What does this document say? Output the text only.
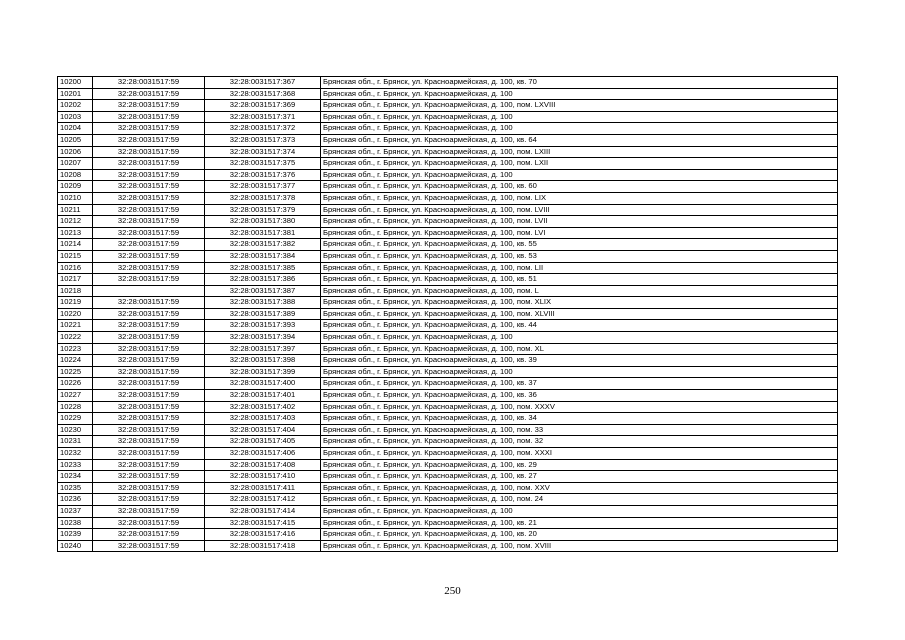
10200	32:28:0031517:59	32:28:0031517:367	Брянская обл., г. Брянск, ул. Красноармейская, д. 100, кв. 70
10201	32:28:0031517:59	32:28:0031517:368	Брянская обл., г. Брянск, ул. Красноармейская, д. 100
10202	32:28:0031517:59	32:28:0031517:369	Брянская обл., г. Брянск, ул. Красноармейская, д. 100, пом. LXVIII
10203	32:28:0031517:59	32:28:0031517:371	Брянская обл., г. Брянск, ул. Красноармейская, д. 100
10204	32:28:0031517:59	32:28:0031517:372	Брянская обл., г. Брянск, ул. Красноармейская, д. 100
10205	32:28:0031517:59	32:28:0031517:373	Брянская обл., г. Брянск, ул. Красноармейская, д. 100, кв. 64
10206	32:28:0031517:59	32:28:0031517:374	Брянская обл., г. Брянск, ул. Красноармейская, д. 100, пом. LXIII
10207	32:28:0031517:59	32:28:0031517:375	Брянская обл., г. Брянск, ул. Красноармейская, д. 100, пом. LXII
10208	32:28:0031517:59	32:28:0031517:376	Брянская обл., г. Брянск, ул. Красноармейская, д. 100
10209	32:28:0031517:59	32:28:0031517:377	Брянская обл., г. Брянск, ул. Красноармейская, д. 100, кв. 60
10210	32:28:0031517:59	32:28:0031517:378	Брянская обл., г. Брянск, ул. Красноармейская, д. 100, пом. LIX
10211	32:28:0031517:59	32:28:0031517:379	Брянская обл., г. Брянск, ул. Красноармейская, д. 100, пом. LVIII
10212	32:28:0031517:59	32:28:0031517:380	Брянская обл., г. Брянск, ул. Красноармейская, д. 100, пом. LVII
10213	32:28:0031517:59	32:28:0031517:381	Брянская обл., г. Брянск, ул. Красноармейская, д. 100, пом. LVI
10214	32:28:0031517:59	32:28:0031517:382	Брянская обл., г. Брянск, ул. Красноармейская, д. 100, кв. 55
10215	32:28:0031517:59	32:28:0031517:384	Брянская обл., г. Брянск, ул. Красноармейская, д. 100, кв. 53
10216	32:28:0031517:59	32:28:0031517:385	Брянская обл., г. Брянск, ул. Красноармейская, д. 100, пом. LII
10217	32:28:0031517:59	32:28:0031517:386	Брянская обл., г. Брянск, ул. Красноармейская, д. 100, кв. 51
10218		32:28:0031517:387	Брянская обл., г. Брянск, ул. Красноармейская, д. 100, пом. L
10219	32:28:0031517:59	32:28:0031517:388	Брянская обл., г. Брянск, ул. Красноармейская, д. 100, пом. XLIX
10220	32:28:0031517:59	32:28:0031517:389	Брянская обл., г. Брянск, ул. Красноармейская, д. 100, пом. XLVIII
10221	32:28:0031517:59	32:28:0031517:393	Брянская обл., г. Брянск, ул. Красноармейская, д. 100, кв. 44
10222	32:28:0031517:59	32:28:0031517:394	Брянская обл., г. Брянск, ул. Красноармейская, д. 100
10223	32:28:0031517:59	32:28:0031517:397	Брянская обл., г. Брянск, ул. Красноармейская, д. 100, пом. XL
10224	32:28:0031517:59	32:28:0031517:398	Брянская обл., г. Брянск, ул. Красноармейская, д. 100, кв. 39
10225	32:28:0031517:59	32:28:0031517:399	Брянская обл., г. Брянск, ул. Красноармейская, д. 100
10226	32:28:0031517:59	32:28:0031517:400	Брянская обл., г. Брянск, ул. Красноармейская, д. 100, кв. 37
10227	32:28:0031517:59	32:28:0031517:401	Брянская обл., г. Брянск, ул. Красноармейская, д. 100, кв. 36
10228	32:28:0031517:59	32:28:0031517:402	Брянская обл., г. Брянск, ул. Красноармейская, д. 100, пом. XXXV
10229	32:28:0031517:59	32:28:0031517:403	Брянская обл., г. Брянск, ул. Красноармейская, д. 100, кв. 34
10230	32:28:0031517:59	32:28:0031517:404	Брянская обл., г. Брянск, ул. Красноармейская, д. 100, пом. 33
10231	32:28:0031517:59	32:28:0031517:405	Брянская обл., г. Брянск, ул. Красноармейская, д. 100, пом. 32
10232	32:28:0031517:59	32:28:0031517:406	Брянская обл., г. Брянск, ул. Красноармейская, д. 100, пом. XXXI
10233	32:28:0031517:59	32:28:0031517:408	Брянская обл., г. Брянск, ул. Красноармейская, д. 100, кв. 29
10234	32:28:0031517:59	32:28:0031517:410	Брянская обл., г. Брянск, ул. Красноармейская, д. 100, кв. 27
10235	32:28:0031517:59	32:28:0031517:411	Брянская обл., г. Брянск, ул. Красноармейская, д. 100, пом. XXV
10236	32:28:0031517:59	32:28:0031517:412	Брянская обл., г. Брянск, ул. Красноармейская, д. 100, пом. 24
10237	32:28:0031517:59	32:28:0031517:414	Брянская обл., г. Брянск, ул. Красноармейская, д. 100
10238	32:28:0031517:59	32:28:0031517:415	Брянская обл., г. Брянск, ул. Красноармейская, д. 100, кв. 21
10239	32:28:0031517:59	32:28:0031517:416	Брянская обл., г. Брянск, ул. Красноармейская, д. 100, кв. 20
10240	32:28:0031517:59	32:28:0031517:418	Брянская обл., г. Брянск, ул. Красноармейская, д. 100, пом. XVIII
250
